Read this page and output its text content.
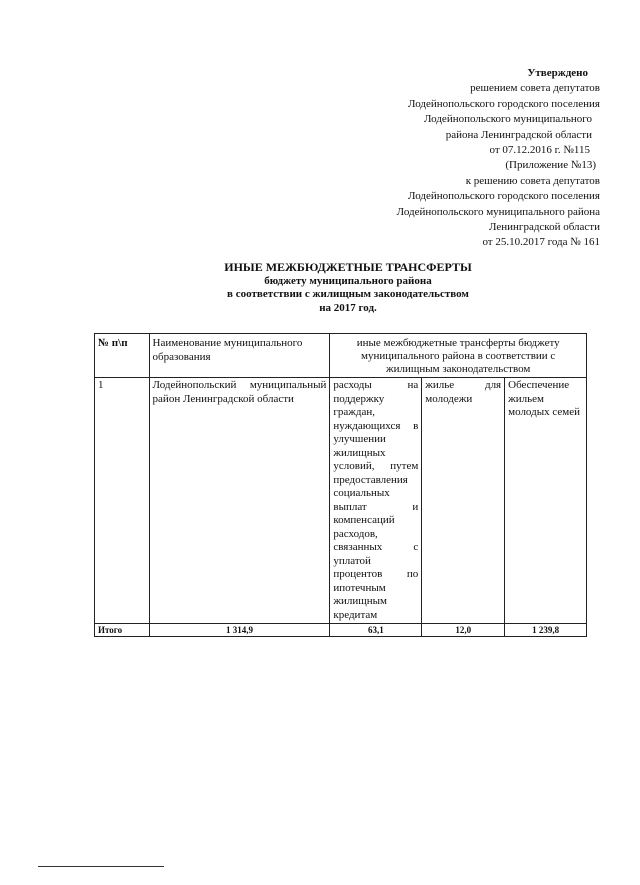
Утверждено
решением совета депутатов
Лодейнопольского городского поселения
Лодейнопольского муниципального
района Ленинградской области
от 07.12.2016 г. №115
(Приложение №13)
к решению совета депутатов
Лодейнопольского городского поселения
Лодейнопольского муниципального района
Ленинградской области
от 25.10.2017 года № 161
ИНЫЕ МЕЖБЮДЖЕТНЫЕ ТРАНСФЕРТЫ
бюджету муниципального района
в соответствии с жилищным законодательством
на 2017 год.
№ п\п	Наименование муниципального образования	иные межбюджетные трансферты бюджету муниципального района в соответствии с жилищным законодательством		
1	Лодейнопольский муниципальный район Ленинградской области	расходы на поддержку граждан, нуждающихся в улучшении жилищных условий, путем предоставления социальных выплат и компенсаций расходов, связанных с уплатой процентов по ипотечным жилищным кредитам	жилье для молодежи	Обеспечение жильем молодых семей
Итого	1 314,9	63,1	12,0	1 239,8
